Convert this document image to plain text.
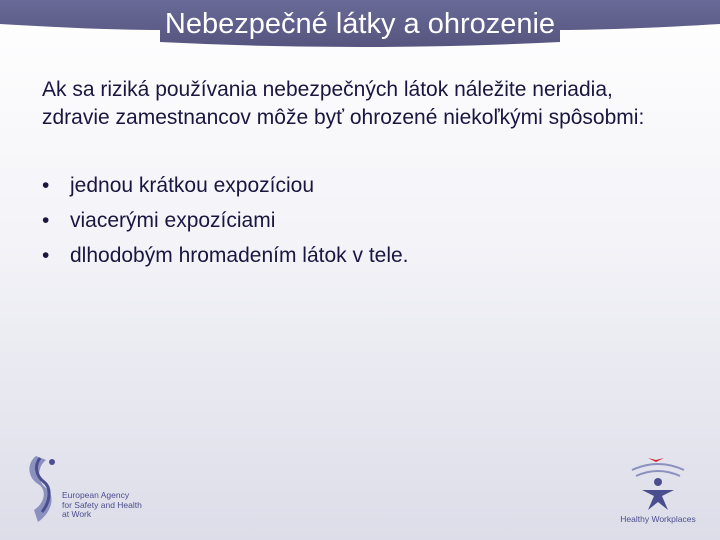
Nebezpečné látky a ohrozenie

Ak sa riziká používania nebezpečných látok náležite neriadia,

zdravie zamestnancov môže byť ohrozené niekoľkými spôsobmi:

• jednou krátkou expozíciou
• viacerými expozíciami
• dlhodobým hromadením látok v tele.
European Agency
for Safety and Health
at Work	Healthy Workplaces
